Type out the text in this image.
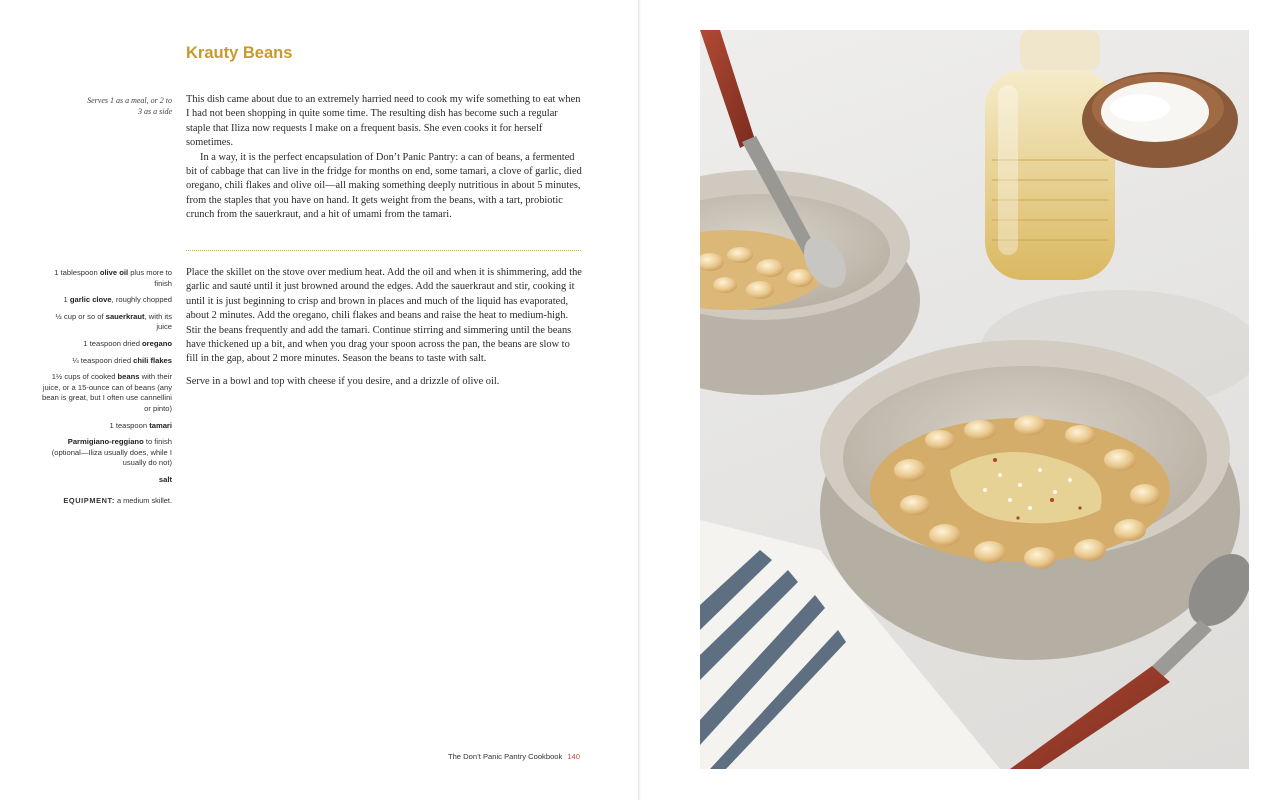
Krauty Beans
Serves 1 as a meal, or 2 to 3 as a side

This dish came about due to an extremely harried need to cook my wife something to eat when I had not been shopping in quite some time. The resulting dish has become such a regular staple that Iliza now requests I make on a frequent basis. She even cooks it for herself sometimes.

In a way, it is the perfect encapsulation of Don’t Panic Pantry: a can of beans, a fermented bit of cabbage that can live in the fridge for months on end, some tamari, a clove of garlic, died oregano, chili flakes and olive oil—all making something deeply nutritious in about 5 minutes, from the staples that you have on hand. It gets weight from the beans, with a tart, probiotic crunch from the sauerkraut, and a hit of umami from the tamari.

1 tablespoon olive oil plus more to finish
1 garlic clove, roughly chopped
½ cup or so of sauerkraut, with its juice
1 teaspoon dried oregano
¼ teaspoon dried chili flakes
1½ cups of cooked beans with their juice, or a 15-ounce can of beans (any bean is great, but I often use cannellini or pinto)
1 teaspoon tamari
Parmigiano-reggiano to finish (optional—Iliza usually does, while I usually do not)
salt
EQUIPMENT: a medium skillet.

Place the skillet on the stove over medium heat. Add the oil and when it is shimmering, add the garlic and sauté until it just browned around the edges. Add the sauerkraut and stir, cooking it until it is just beginning to crisp and brown in places and much of the liquid has evaporated, about 2 minutes. Add the oregano, chili flakes and beans and raise the heat to medium-high. Stir the beans frequently and add the tamari. Continue stirring and simmering until the beans have thickened up a bit, and when you drag your spoon across the pan, the beans are slow to fill in the gap, about 2 more minutes. Season the beans to taste with salt.

Serve in a bowl and top with cheese if you desire, and a drizzle of olive oil.

The Don’t Panic Pantry Cookbook 140
